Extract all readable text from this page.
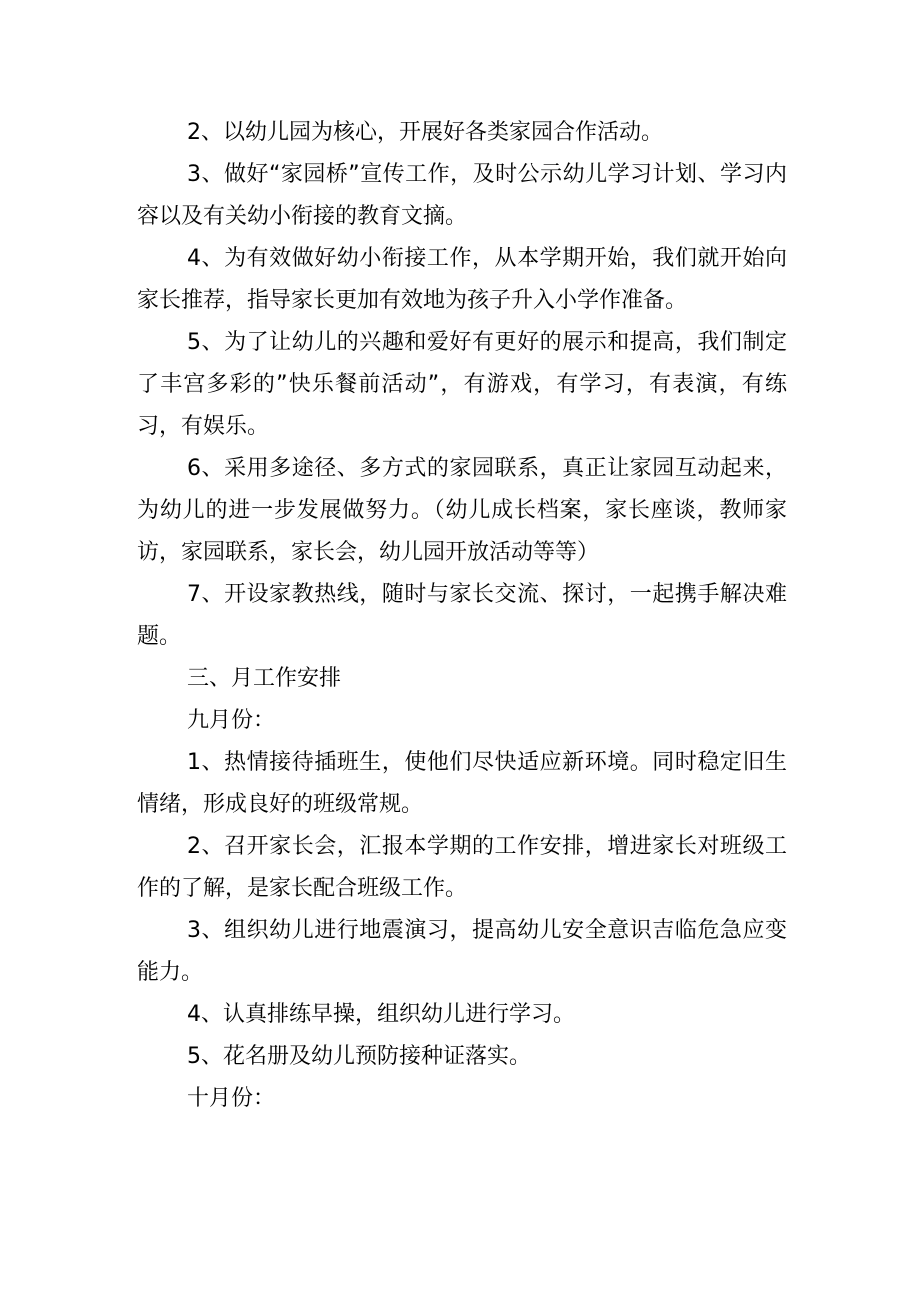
2、以幼儿园为核心，开展好各类家园合作活动。

3、做好“家园桥”宣传工作，及时公示幼儿学习计划、学习内容以及有关幼小衔接的教育文摘。

4、为有效做好幼小衔接工作，从本学期开始，我们就开始向家长推荐，指导家长更加有效地为孩子升入小学作准备。

5、为了让幼儿的兴趣和爱好有更好的展示和提高，我们制定了丰宫多彩的”快乐餐前活动”，有游戏，有学习，有表演，有练习，有娱乐。

6、采用多途径、多方式的家园联系，真正让家园互动起来，为幼儿的进一步发展做努力。（幼儿成长档案，家长座谈，教师家访，家园联系，家长会，幼儿园开放活动等等）

7、开设家教热线，随时与家长交流、探讨，一起携手解决难题。

三、月工作安排

九月份：

1、热情接待插班生，使他们尽快适应新环境。同时稳定旧生情绪，形成良好的班级常规。

2、召开家长会，汇报本学期的工作安排，增进家长对班级工作的了解，是家长配合班级工作。

3、组织幼儿进行地震演习，提高幼儿安全意识吉临危急应变能力。

4、认真排练早操，组织幼儿进行学习。

5、花名册及幼儿预防接种证落实。

十月份：
